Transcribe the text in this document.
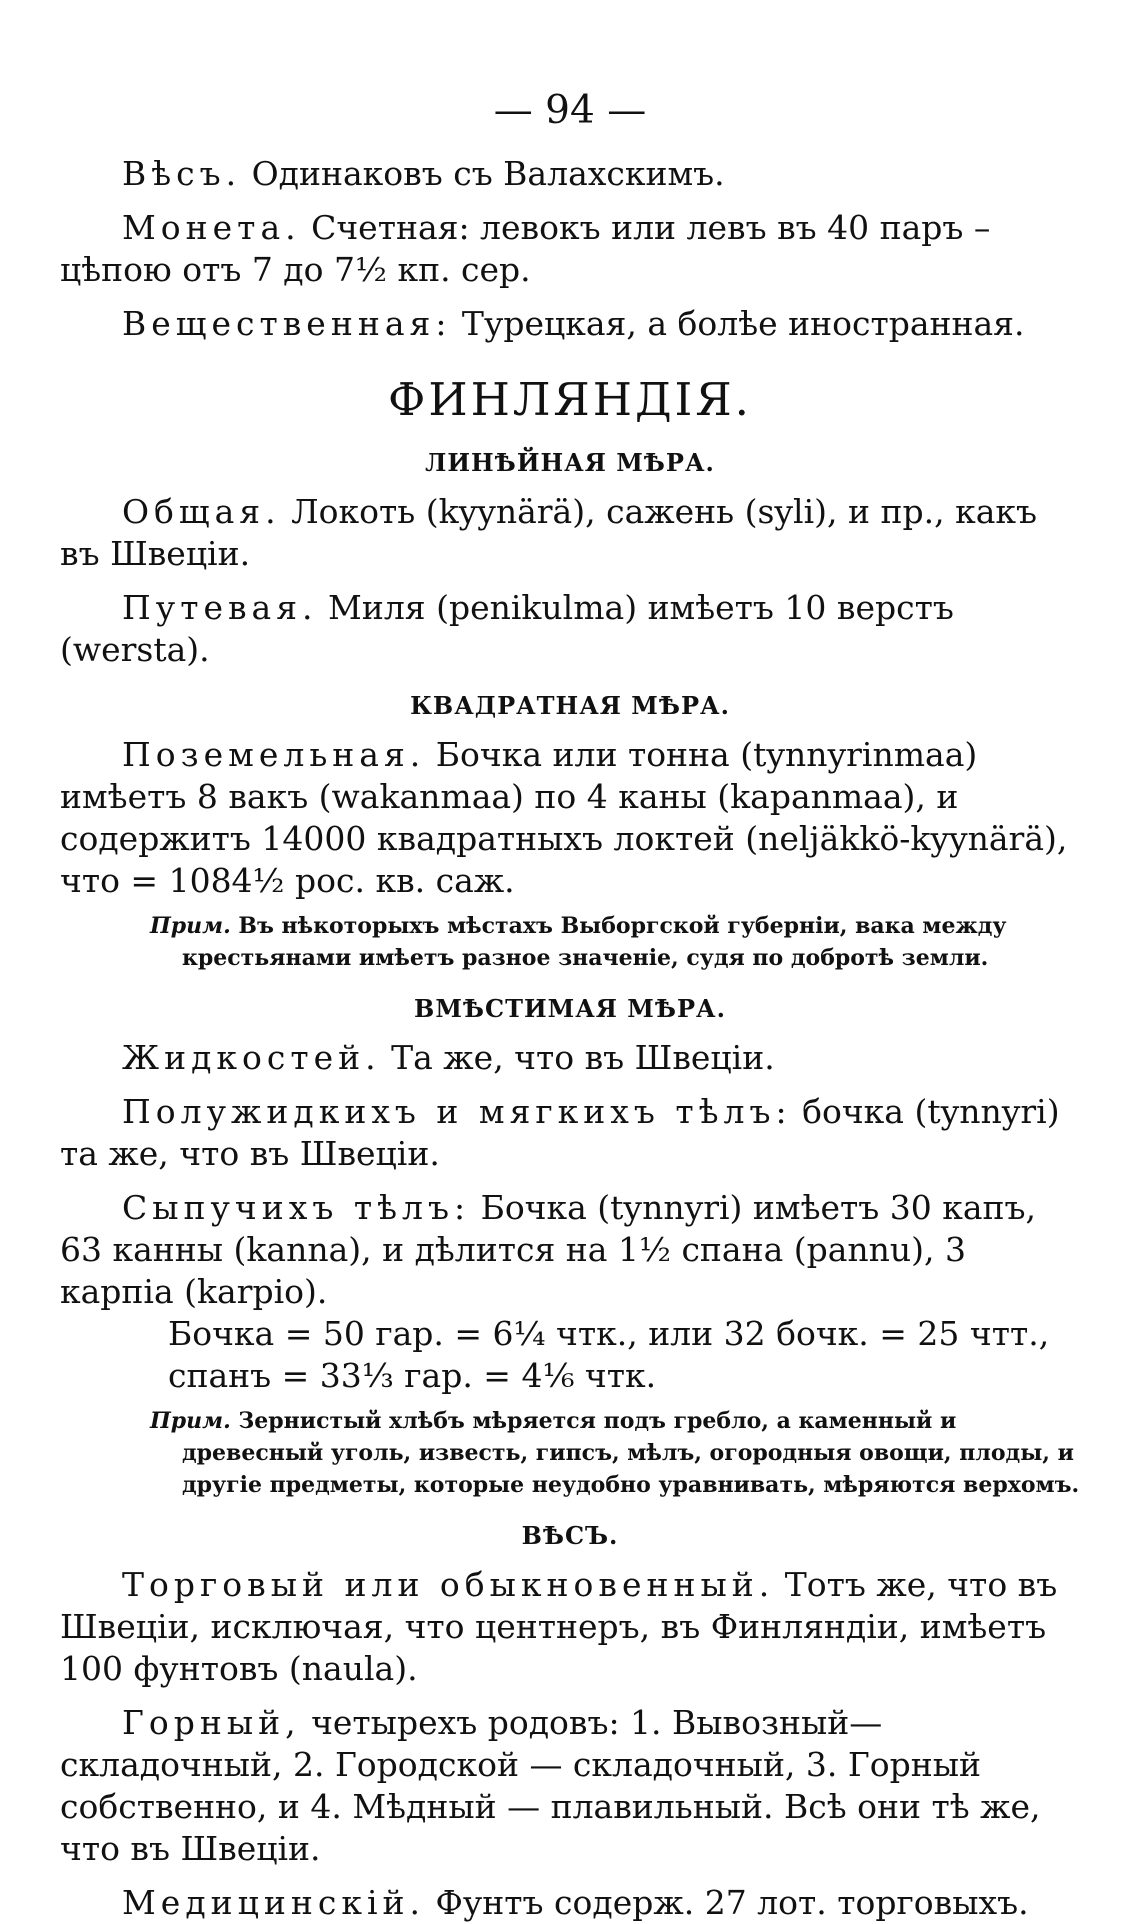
— 94 —

Вѣсъ. Одинаковъ съ Валахскимъ.

Монета. Счетная: левокъ или левъ въ 40 паръ – цѣпою отъ 7 до 7½ кп. сер.

Вещественная: Турецкая, а болѣе иностранная.

ФИНЛЯНДІЯ.
ЛИНѢЙНАЯ МѢРА.

Общая. Локоть (kyynärä), сажень (syli), и пр., какъ въ Швеціи.

Путевая. Миля (penikulma) имѣетъ 10 верстъ (wersta).

КВАДРАТНАЯ МѢРА.

Поземельная. Бочка или тонна (tynnyrinmaa) имѣетъ 8 вакъ (wakanmaa) по 4 каны (kapanmaa), и содержитъ 14000 квадратныхъ локтей (neljäkkö-kyynärä), что = 1084½ рос. кв. саж.

Прим. Въ нѣкоторыхъ мѣстахъ Выборгской губерніи, вака между крестьянами имѣетъ разное значеніе, судя по добротѣ земли.

ВМѢСТИМАЯ МѢРА.

Жидкостей. Та же, что въ Швеціи.

Полужидкихъ и мягкихъ тѣлъ: бочка (tynnyri) та же, что въ Швеціи.

Сыпучихъ тѣлъ: Бочка (tynnyri) имѣетъ 30 капъ, 63 канны (kanna), и дѣлится на 1½ спана (pannu), 3 карпіа (karpio).

Бочка = 50 гар. = 6¼ чтк., или 32 бочк. = 25 чтт.,

спанъ = 33⅓ гар. = 4⅙ чтк.

Прим. Зернистый хлѣбъ мѣряется подъ гребло, а каменный и древесный уголь, известь, гипсъ, мѣлъ, огородныя овощи, плоды, и другіе предметы, которые неудобно уравнивать, мѣряются верхомъ.

ВѢСЪ.

Торговый или обыкновенный. Тотъ же, что въ Швеціи, исключая, что центнеръ, въ Финляндіи, имѣетъ 100 фунтовъ (naula).

Горный, четырехъ родовъ: 1. Вывозный—складочный, 2. Городской — складочный, 3. Горный собственно, и 4. Мѣдный — плавильный. Всѣ они тѣ же, что въ Швеціи.

Медицинскій. Фунтъ содерж. 27 лот. торговыхъ.
